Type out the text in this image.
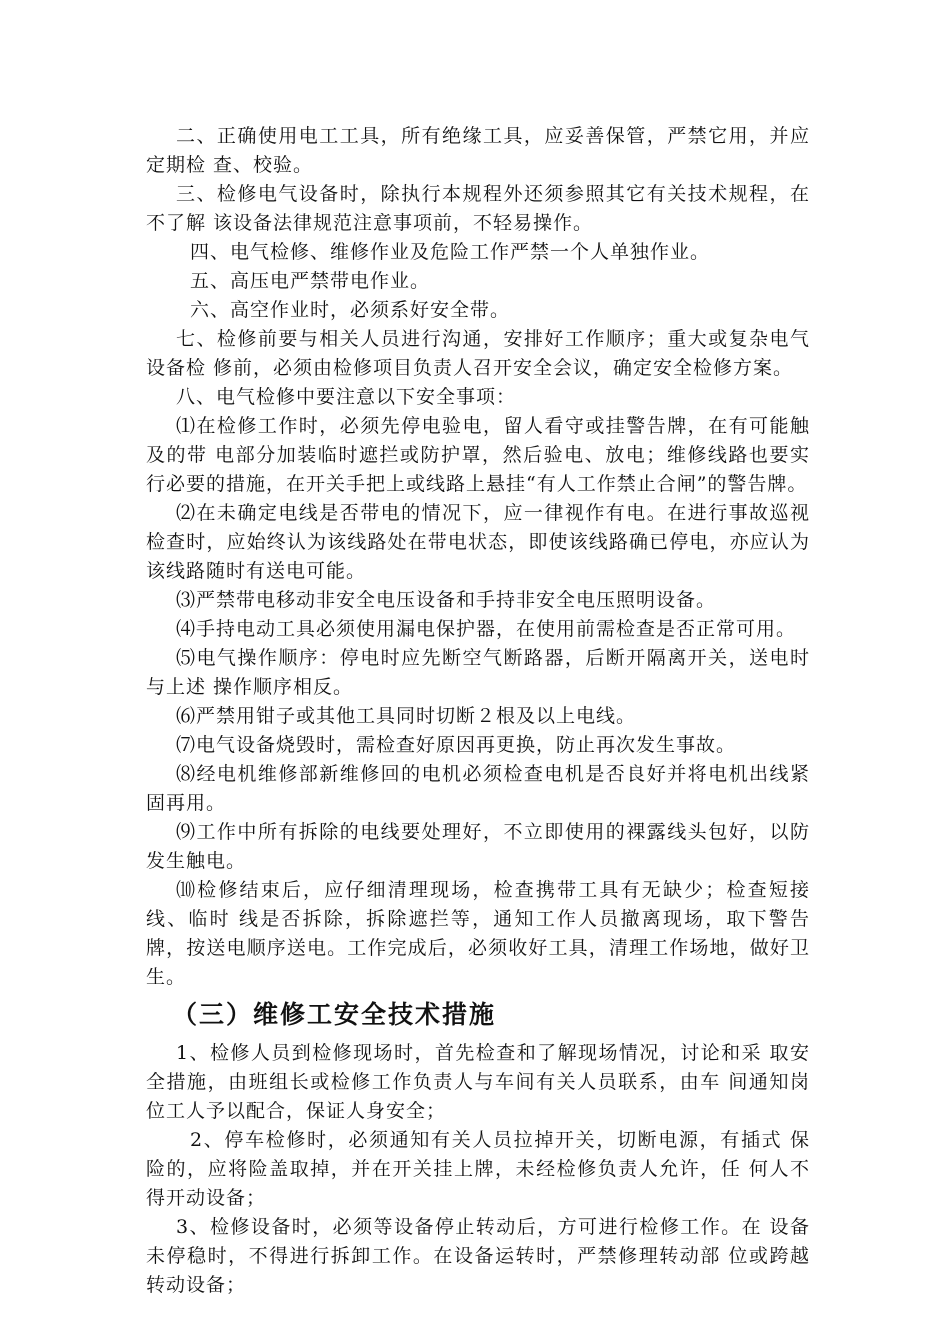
二、正确使用电工工具，所有绝缘工具，应妥善保管，严禁它用，并应定期检 查、校验。

三、检修电气设备时，除执行本规程外还须参照其它有关技术规程，在不了解 该设备法律规范注意事项前，不轻易操作。

四、电气检修、维修作业及危险工作严禁一个人单独作业。

五、高压电严禁带电作业。

六、高空作业时，必须系好安全带。

七、检修前要与相关人员进行沟通，安排好工作顺序；重大或复杂电气设备检 修前，必须由检修项目负责人召开安全会议，确定安全检修方案。

八、电气检修中要注意以下安全事项：

⑴在检修工作时，必须先停电验电，留人看守或挂警告牌，在有可能触及的带 电部分加装临时遮拦或防护罩，然后验电、放电；维修线路也要实行必要的措施，在开关手把上或线路上悬挂“有人工作禁止合闸”的警告牌。

⑵在未确定电线是否带电的情况下，应一律视作有电。在进行事故巡视检查时，应始终认为该线路处在带电状态，即使该线路确已停电，亦应认为该线路随时有送电可能。

⑶严禁带电移动非安全电压设备和手持非安全电压照明设备。

⑷手持电动工具必须使用漏电保护器，在使用前需检查是否正常可用。

⑸电气操作顺序：停电时应先断空气断路器，后断开隔离开关，送电时与上述 操作顺序相反。

⑹严禁用钳子或其他工具同时切断２根及以上电线。

⑺电气设备烧毁时，需检查好原因再更换，防止再次发生事故。

⑻经电机维修部新维修回的电机必须检查电机是否良好并将电机出线紧固再用。

⑼工作中所有拆除的电线要处理好，不立即使用的裸露线头包好，以防发生触电。

⑽检修结束后，应仔细清理现场，检查携带工具有无缺少；检查短接线、临时 线是否拆除，拆除遮拦等，通知工作人员撤离现场，取下警告牌，按送电顺序送电。工作完成后，必须收好工具，清理工作场地，做好卫生。

（三）维修工安全技术措施

1、检修人员到检修现场时，首先检查和了解现场情况，讨论和采 取安全措施，由班组长或检修工作负责人与车间有关人员联系，由车 间通知岗位工人予以配合，保证人身安全；

2、停车检修时，必须通知有关人员拉掉开关，切断电源，有插式 保险的，应将险盖取掉，并在开关挂上牌，未经检修负责人允许，任 何人不得开动设备；

3、检修设备时，必须等设备停止转动后，方可进行检修工作。在 设备未停稳时，不得进行拆卸工作。在设备运转时，严禁修理转动部 位或跨越转动设备；
